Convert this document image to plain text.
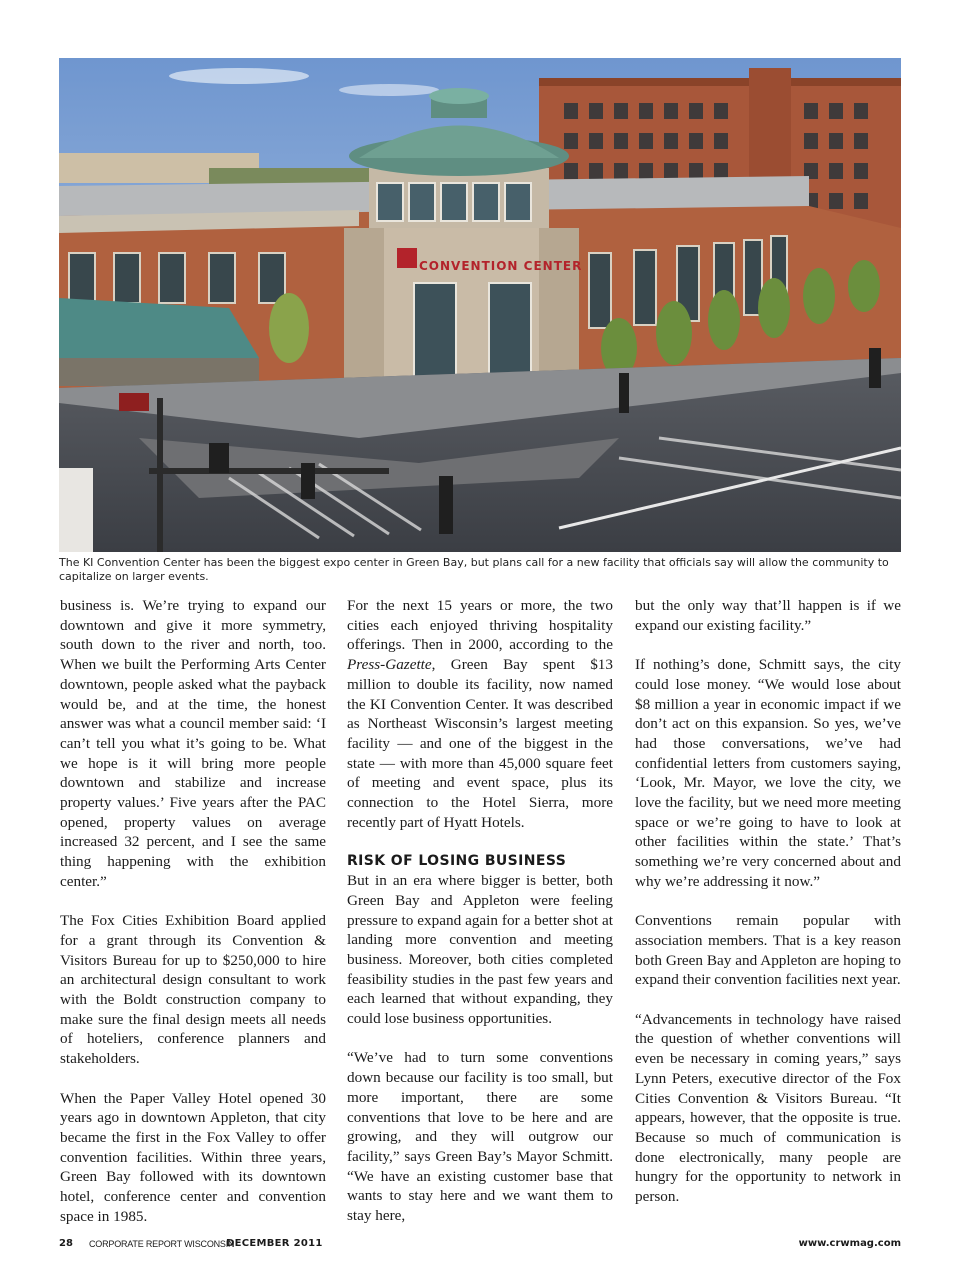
CONVENTION CENTER
The KI Convention Center has been the biggest expo center in Green Bay, but plans call for a new facility that officials say will allow the community to capitalize on larger events.

business is. We’re trying to expand our downtown and give it more symmetry, south down to the river and north, too. When we built the Performing Arts Center downtown, people asked what the payback would be, and at the time, the honest answer was what a council member said: ‘I can’t tell you what it’s going to be. What we hope is it will bring more people downtown and stabilize and increase property values.’ Five years after the PAC opened, property values on average increased 32 percent, and I see the same thing happening with the exhibition center.”

The Fox Cities Exhibition Board applied for a grant through its Convention & Visitors Bureau for up to $250,000 to hire an architectural design consultant to work with the Boldt construction company to make sure the final design meets all needs of hoteliers, conference planners and stakeholders.

When the Paper Valley Hotel opened 30 years ago in downtown Appleton, that city became the first in the Fox Valley to offer convention facilities. Within three years, Green Bay followed with its downtown hotel, conference center and convention space in 1985.

For the next 15 years or more, the two cities each enjoyed thriving hospitality offerings. Then in 2000, according to the Press-Gazette, Green Bay spent $13 million to double its facility, now named the KI Convention Center. It was described as Northeast Wisconsin’s largest meeting facility — and one of the biggest in the state — with more than 45,000 square feet of meeting and event space, plus its connection to the Hotel Sierra, more recently part of Hyatt Hotels.

RISK OF LOSING BUSINESS

But in an era where bigger is better, both Green Bay and Appleton were feeling pressure to expand again for a better shot at landing more convention and meeting business. Moreover, both cities completed feasibility studies in the past few years and each learned that without expanding, they could lose business opportunities.

“We’ve had to turn some conventions down because our facility is too small, but more important, there are some conventions that love to be here and are growing, and they will outgrow our facility,” says Green Bay’s Mayor Schmitt. “We have an existing customer base that wants to stay here and we want them to stay here,

but the only way that’ll happen is if we expand our existing facility.”

If nothing’s done, Schmitt says, the city could lose money. “We would lose about $8 million a year in economic impact if we don’t act on this expansion. So yes, we’ve had those conversations, we’ve had confidential letters from customers saying, ‘Look, Mr. Mayor, we love the city, we love the facility, but we need more meeting space or we’re going to have to look at other facilities within the state.’ That’s something we’re very concerned about and why we’re addressing it now.”

Conventions remain popular with association members. That is a key reason both Green Bay and Appleton are hoping to expand their convention facilities next year.

“Advancements in technology have raised the question of whether conventions will even be necessary in coming years,” says Lynn Peters, executive director of the Fox Cities Convention & Visitors Bureau. “It appears, however, that the opposite is true. Because so much of communication is done electronically, many people are hungry for the opportunity to network in person.

28 CORPORATE REPORT WISCONSIN
DECEMBER 2011	www.crwmag.com
